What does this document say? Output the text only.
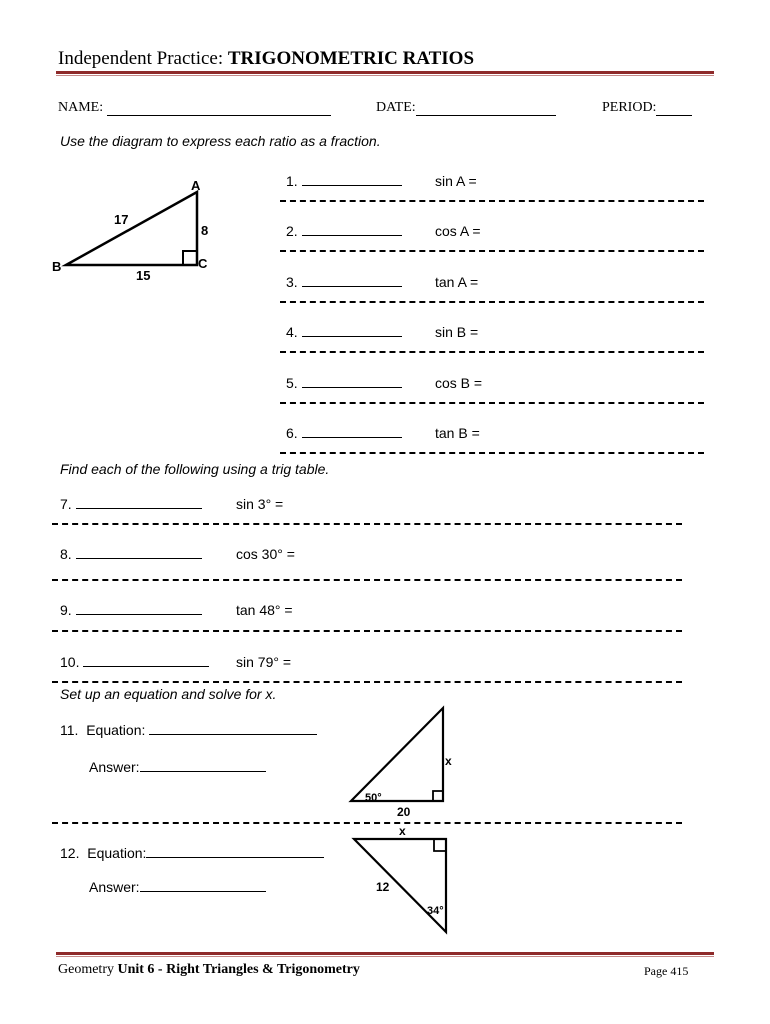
Independent Practice: TRIGONOMETRIC RATIOS
NAME:	DATE:	PERIOD:
Use the diagram to express each ratio as a fraction.
A
B	C
17
8
15
1.	sin A =
2.	cos A =
3.	tan A =
4.	sin B =
5.	cos B =
6.	tan B =
Find each of the following using a trig table.
7.	sin 3° =
8.	cos 30° =
9.	tan 48° =
10.	sin 79° =
Set up an equation and solve for x.
11. Equation:
Answer:
50°
x
20
12. Equation:
Answer:
x
12
34°
Geometry Unit 6 - Right Triangles & Trigonometry	Page 415
